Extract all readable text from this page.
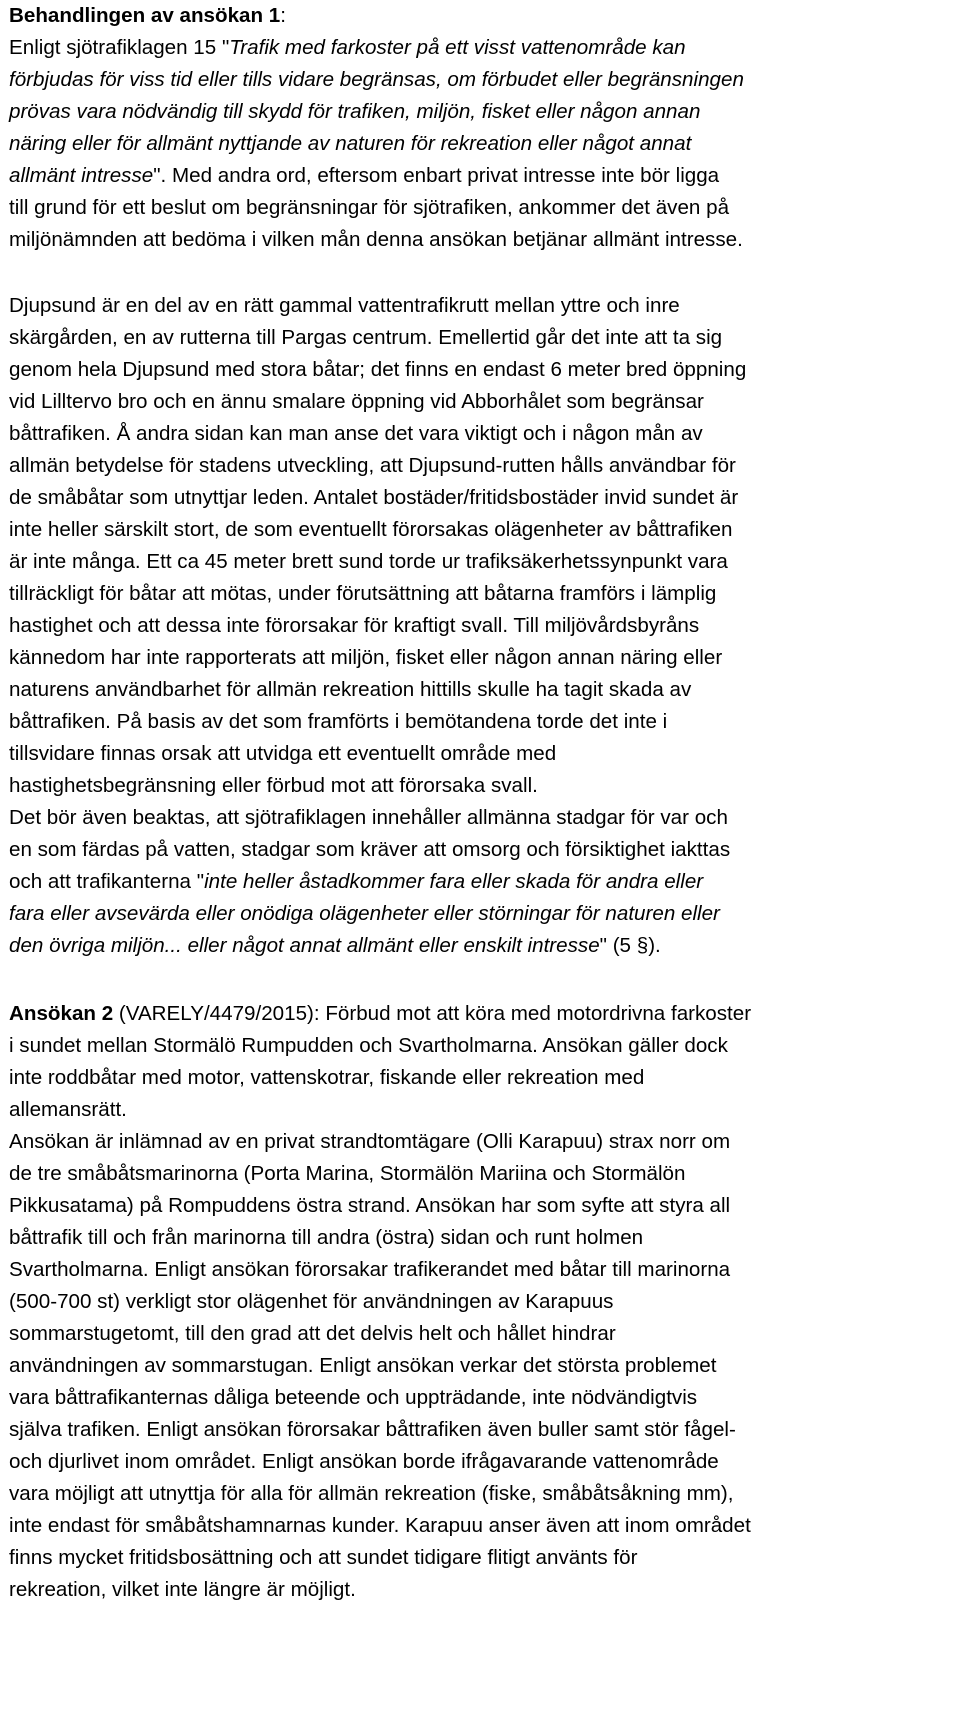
Behandlingen av ansökan 1:
Enligt sjötrafiklagen 15 "Trafik med farkoster på ett visst vattenområde kan
förbjudas för viss tid eller tills vidare begränsas, om förbudet eller begränsningen
prövas vara nödvändig till skydd för trafiken, miljön, fisket eller någon annan
näring eller för allmänt nyttjande av naturen för rekreation eller något annat
allmänt intresse". Med andra ord, eftersom enbart privat intresse inte bör ligga
till grund för ett beslut om begränsningar för sjötrafiken, ankommer det även på
miljönämnden att bedöma i vilken mån denna ansökan betjänar allmänt intresse.
Djupsund är en del av en rätt gammal vattentrafikrutt mellan yttre och inre
skärgården, en av rutterna till Pargas centrum. Emellertid går det inte att ta sig
genom hela Djupsund med stora båtar; det finns en endast 6 meter bred öppning
vid Lilltervo bro och en ännu smalare öppning vid Abborhålet som begränsar
båttrafiken. Å andra sidan kan man anse det vara viktigt och i någon mån av
allmän betydelse för stadens utveckling, att Djupsund-rutten hålls användbar för
de småbåtar som utnyttjar leden. Antalet bostäder/fritidsbostäder invid sundet är
inte heller särskilt stort, de som eventuellt förorsakas olägenheter av båttrafiken
är inte många. Ett ca 45 meter brett sund torde ur trafiksäkerhetssynpunkt vara
tillräckligt för båtar att mötas, under förutsättning att båtarna framförs i lämplig
hastighet och att dessa inte förorsakar för kraftigt svall. Till miljövårdsbyråns
kännedom har inte rapporterats att miljön, fisket eller någon annan näring eller
naturens användbarhet för allmän rekreation hittills skulle ha tagit skada av
båttrafiken. På basis av det som framförts i bemötandena torde det inte i
tillsvidare finnas orsak att utvidga ett eventuellt område med
hastighetsbegränsning eller förbud mot att förorsaka svall.
Det bör även beaktas, att sjötrafiklagen innehåller allmänna stadgar för var och
en som färdas på vatten, stadgar som kräver att omsorg och försiktighet iakttas
och att trafikanterna "inte heller åstadkommer fara eller skada för andra eller
fara eller avsevärda eller onödiga olägenheter eller störningar för naturen eller
den övriga miljön... eller något annat allmänt eller enskilt intresse" (5 §).
Ansökan 2 (VARELY/4479/2015): Förbud mot att köra med motordrivna farkoster
i sundet mellan Stormälö Rumpudden och Svartholmarna. Ansökan gäller dock
inte roddbåtar med motor, vattenskotrar, fiskande eller rekreation med
allemansrätt.
Ansökan är inlämnad av en privat strandtomtägare (Olli Karapuu) strax norr om
de tre småbåtsmarinorna (Porta Marina, Stormälön Mariina och Stormälön
Pikkusatama) på Rompuddens östra strand. Ansökan har som syfte att styra all
båttrafik till och från marinorna till andra (östra) sidan och runt holmen
Svartholmarna. Enligt ansökan förorsakar trafikerandet med båtar till marinorna
(500-700 st) verkligt stor olägenhet för användningen av Karapuus
sommarstugetomt, till den grad att det delvis helt och hållet hindrar
användningen av sommarstugan. Enligt ansökan verkar det största problemet
vara båttrafikanternas dåliga beteende och uppträdande, inte nödvändigtvis
själva trafiken. Enligt ansökan förorsakar båttrafiken även buller samt stör fågel-
och djurlivet inom området. Enligt ansökan borde ifrågavarande vattenområde
vara möjligt att utnyttja för alla för allmän rekreation (fiske, småbåtsåkning mm),
inte endast för småbåtshamnarnas kunder. Karapuu anser även att inom området
finns mycket fritidsbosättning och att sundet tidigare flitigt använts för
rekreation, vilket inte längre är möjligt.
